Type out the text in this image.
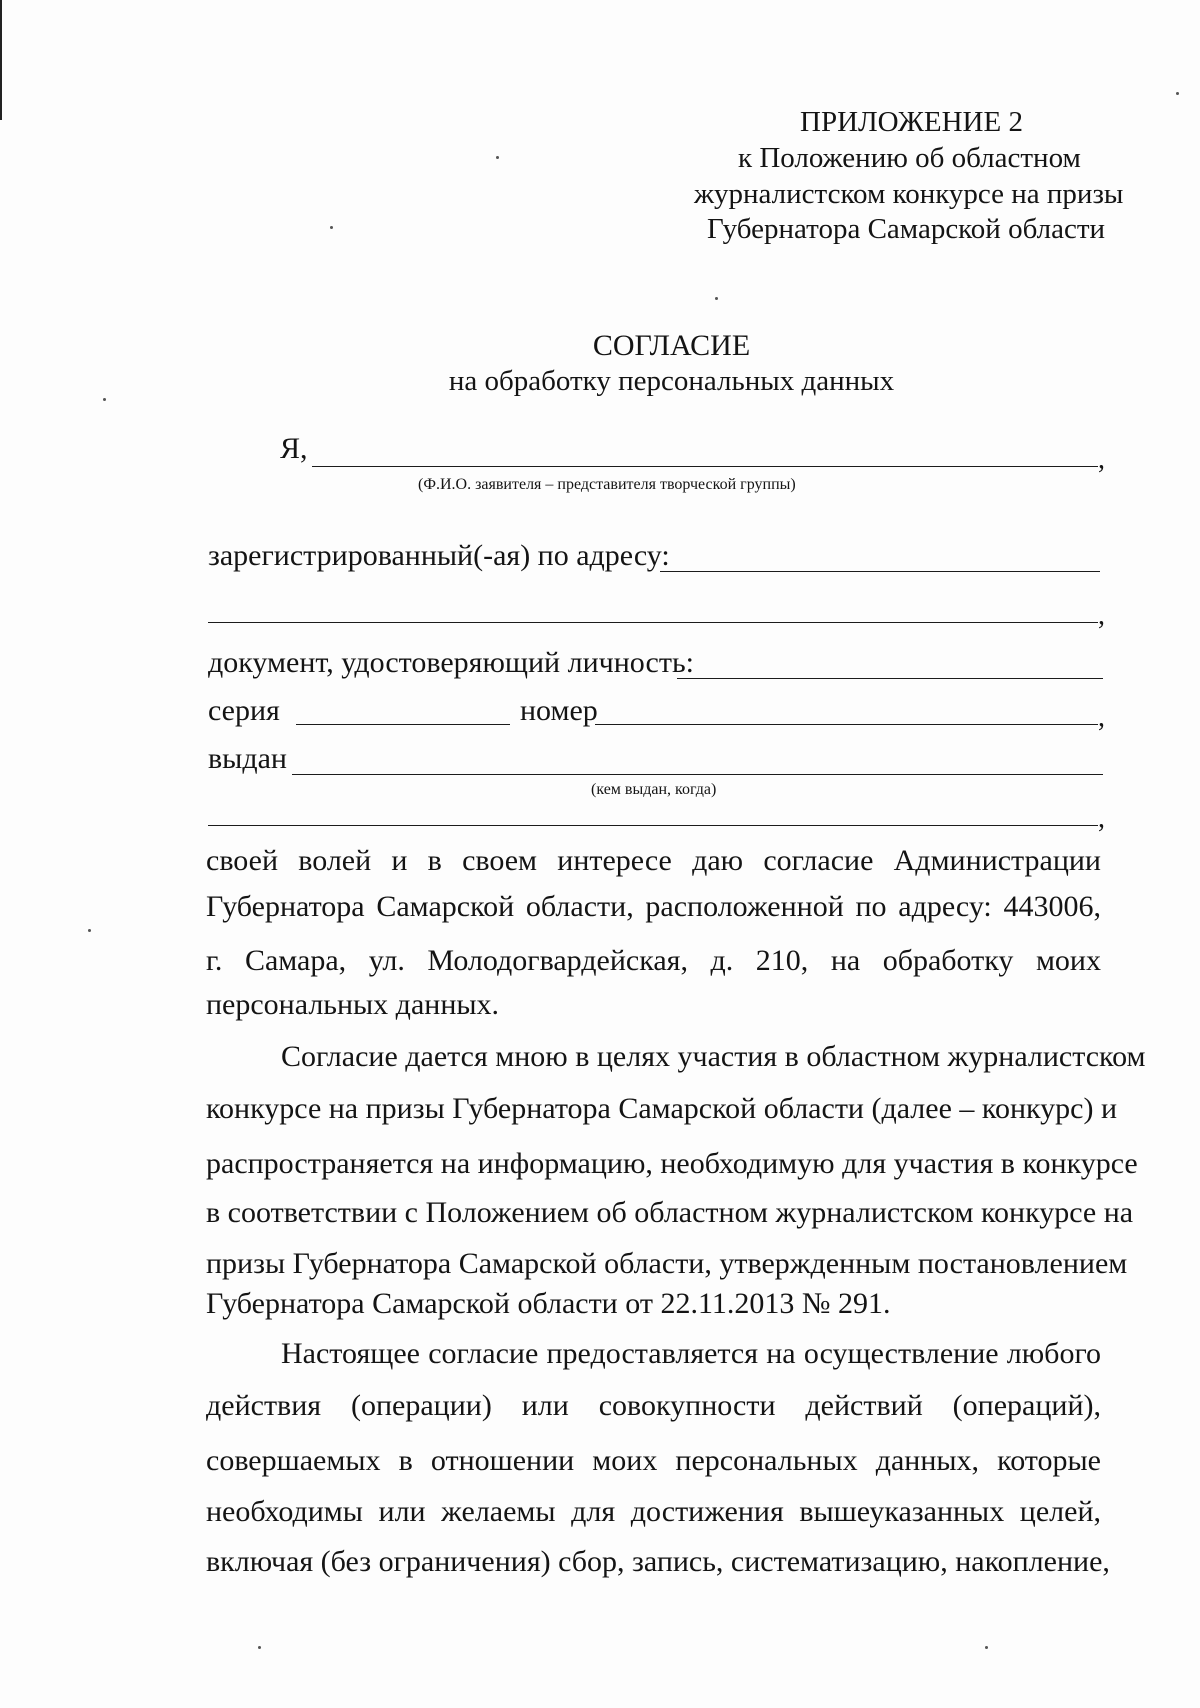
ПРИЛОЖЕНИЕ 2
к Положению об областном
журналистском конкурсе на призы
Губернатора Самарской области
СОГЛАСИЕ
на обработку персональных данных
Я,	,
(Ф.И.О. заявителя – представителя творческой группы)
зарегистрированный(-ая) по адресу:
,
документ, удостоверяющий личность:
серия	номер	,
выдан
(кем выдан, когда)
,
своей волей и в своем интересе даю согласие Администрации
Губернатора Самарской области, расположенной по адресу: 443006,
г. Самара, ул. Молодогвардейская, д. 210, на обработку моих
персональных данных.
Согласие дается мною в целях участия в областном журналистском
конкурсе на призы Губернатора Самарской области (далее – конкурс) и
распространяется на информацию, необходимую для участия в конкурсе
в соответствии с Положением об областном журналистском конкурсе на
призы Губернатора Самарской области, утвержденным постановлением
Губернатора Самарской области от 22.11.2013 № 291.
Настоящее согласие предоставляется на осуществление любого
действия (операции) или совокупности действий (операций),
совершаемых в отношении моих персональных данных, которые
необходимы или желаемы для достижения вышеуказанных целей,
включая (без ограничения) сбор, запись, систематизацию, накопление,
